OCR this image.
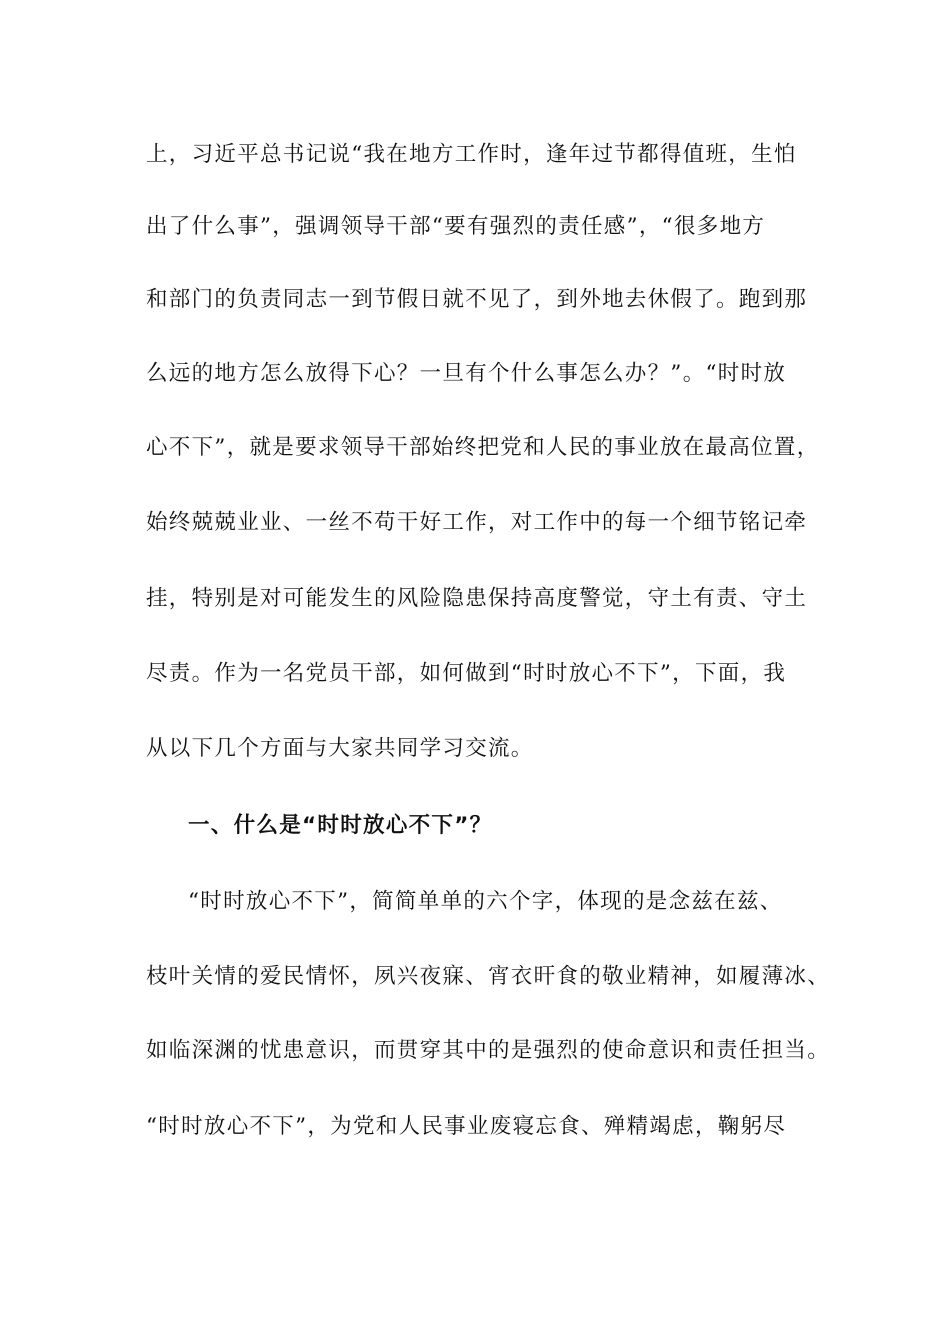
上，习近平总书记说“我在地方工作时，逢年过节都得值班，生怕
出了什么事”，强调领导干部“要有强烈的责任感”，“很多地方
和部门的负责同志一到节假日就不见了，到外地去休假了。跑到那
么远的地方怎么放得下心？一旦有个什么事怎么办？”。“时时放
心不下”，就是要求领导干部始终把党和人民的事业放在最高位置，
始终兢兢业业、一丝不苟干好工作，对工作中的每一个细节铭记牵
挂，特别是对可能发生的风险隐患保持高度警觉，守土有责、守土
尽责。作为一名党员干部，如何做到“时时放心不下”，下面，我
从以下几个方面与大家共同学习交流。
一、什么是“时时放心不下”？
“时时放心不下”，简简单单的六个字，体现的是念兹在兹、
枝叶关情的爱民情怀，夙兴夜寐、宵衣旰食的敬业精神，如履薄冰、
如临深渊的忧患意识，而贯穿其中的是强烈的使命意识和责任担当。
“时时放心不下”，为党和人民事业废寝忘食、殚精竭虑，鞠躬尽
